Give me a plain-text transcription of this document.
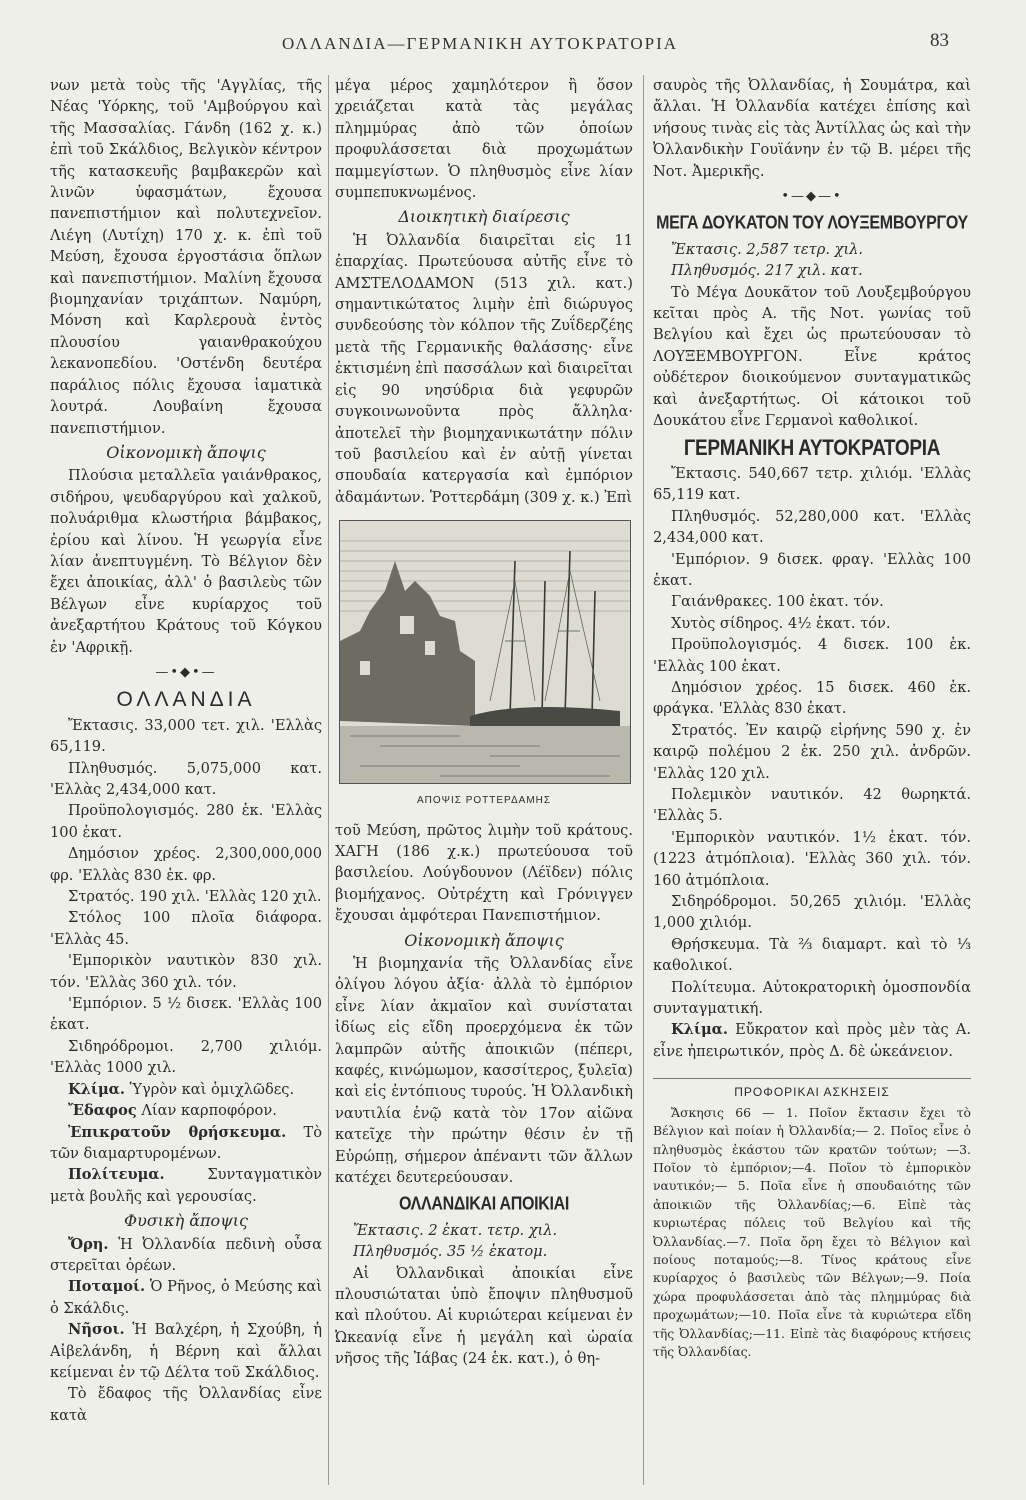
ΟΛΛΑΝΔΙΑ—ΓΕΡΜΑΝΙΚΗ ΑΥΤΟΚΡΑΤΟΡΙΑ	83

νων μετὰ τοὺς τῆς 'Αγγλίας, τῆς Νέας 'Υόρκης, τοῦ 'Αμβούργου καὶ τῆς Μασσαλίας. Γάνδη (162 χ. κ.) ἐπὶ τοῦ Σκάλδιος, Βελγικὸν κέντρον τῆς κατασκευῆς βαμβακερῶν καὶ λινῶν ὑφασμάτων, ἔχουσα πανεπιστήμιον καὶ πολυτεχνεῖον. Λιέγη (Λυτίχη) 170 χ. κ. ἐπὶ τοῦ Μεύση, ἔχουσα ἐργοστάσια ὅπλων καὶ πανεπιστήμιον. Μαλίνη ἔχουσα βιομηχανίαν τριχάπτων. Ναμύρη, Μόνση καὶ Καρλερουὰ ἐντὸς πλουσίου γαιανθρακούχου λεκανοπεδίου. 'Οστένδη δευτέρα παράλιος πόλις ἔχουσα ἰαματικὰ λουτρά. Λουβαίνη ἔχουσα πανεπιστήμιον.

Οἰκονομικὴ ἄποψις

Πλούσια μεταλλεῖα γαιάνθρακος, σιδήρου, ψευδαργύρου καὶ χαλκοῦ, πολυάριθμα κλωστήρια βάμβακος, ἐρίου καὶ λίνου. Ἡ γεωργία εἶνε λίαν ἀνεπτυγμένη. Τὸ Βέλγιον δὲν ἔχει ἀποικίας, ἀλλ' ὁ βασιλεὺς τῶν Βέλγων εἶνε κυρίαρχος τοῦ ἀνεξαρτήτου Κράτους τοῦ Κόγκου ἐν 'Αφρικῇ.

—•◆•—
ΟΛΛΑΝΔΙΑ

Ἔκτασις. 33,000 τετ. χιλ. 'Ελλὰς 65,119.

Πληθυσμός. 5,075,000 κατ. 'Ελλὰς 2,434,000 κατ.

Προϋπολογισμός. 280 ἑκ. 'Ελλὰς 100 ἑκατ.

Δημόσιον χρέος. 2,300,000,000 φρ. 'Ελλὰς 830 ἑκ. φρ.

Στρατός. 190 χιλ. 'Ελλὰς 120 χιλ.

Στόλος 100 πλοῖα διάφορα. 'Ελλὰς 45.

'Εμπορικὸν ναυτικὸν 830 χιλ. τόν. 'Ελλὰς 360 χιλ. τόν.

'Εμπόριον. 5 ½ δισεκ. 'Ελλὰς 100 ἑκατ.

Σιδηρόδρομοι. 2,700 χιλιόμ. 'Ελλὰς 1000 χιλ.

Κλίμα. Ὑγρὸν καὶ ὁμιχλῶδες.

Ἔδαφος Λίαν καρποφόρον.

Ἐπικρατοῦν θρήσκευμα. Τὸ τῶν διαμαρτυρομένων.

Πολίτευμα.	Συνταγματικὸν μετὰ βουλῆς καὶ γερουσίας.

Φυσικὴ ἄποψις

Ὄρη. Ἡ Ὀλλανδία πεδινὴ οὖσα στερεῖται ὀρέων.

Ποταμοί. Ὁ Ρῆνος, ὁ Μεύσης καὶ ὁ Σκάλδις.

Νῆσοι. Ἡ Βαλχέρη, ἡ Σχούβη, ἡ Αἰβελάνδη, ἡ Βέρνη καὶ ἄλλαι κείμεναι ἐν τῷ Δέλτα τοῦ Σκάλδιος.

Τὸ ἔδαφος τῆς Ὀλλανδίας εἶνε κατὰ

μέγα μέρος χαμηλότερον ἢ ὅσον χρειάζεται κατὰ τὰς μεγάλας πλημμύρας ἀπὸ τῶν ὁποίων προφυλάσσεται διὰ προχωμάτων παμμεγίστων. Ὁ πληθυσμὸς εἶνε λίαν συμπεπυκνωμένος.

Διοικητικὴ διαίρεσις

Ἡ Ὀλλανδία διαιρεῖται εἰς 11 ἐπαρχίας. Πρωτεύουσα αὐτῆς εἶνε τὸ ΑΜΣΤΕΛΟΔΑΜΟΝ (513 χιλ. κατ.) σημαντικώτατος λιμὴν ἐπὶ διώρυγος συνδεούσης τὸν κόλπον τῆς Ζυΐδερζέης μετὰ τῆς Γερμανικῆς θαλάσσης· εἶνε ἐκτισμένη ἐπὶ πασσάλων καὶ διαιρεῖται εἰς 90 νησύδρια διὰ γεφυρῶν συγκοινωνοῦντα πρὸς ἄλληλα· ἀποτελεῖ τὴν βιομηχανικωτάτην πόλιν τοῦ βασιλείου καὶ ἐν αὐτῇ γίνεται σπουδαία κατεργασία καὶ ἐμπόριον ἀδαμάντων. Ῥοττερδάμη (309 χ. κ.) Ἐπὶ

ΑΠΟΨΙΣ ΡΟΤΤΕΡΔΑΜΗΣ

τοῦ Μεύση, πρῶτος λιμὴν τοῦ κράτους. ΧΑΓΗ (186 χ.κ.) πρωτεύουσα τοῦ βασιλείου. Λούγδουνον (Λέϊδεν) πόλις βιομήχανος. Οὐτρέχτη καὶ Γρόνιγγεν ἔχουσαι ἀμφότεραι Πανεπιστήμιον.

Οἰκονομικὴ ἄποψις

Ἡ βιομηχανία τῆς Ὀλλανδίας εἶνε ὀλίγου λόγου ἀξία· ἀλλὰ τὸ ἐμπόριον εἶνε λίαν ἀκμαῖον καὶ συνίσταται ἰδίως εἰς εἴδη προερχόμενα ἐκ τῶν λαμπρῶν αὐτῆς ἀποικιῶν (πέπερι, καφές, κινώμωμον, κασσίτερος, ξυλεῖα) καὶ εἰς ἐντόπιους τυρούς. Ἡ Ὀλλανδικὴ ναυτιλία ἐνῷ κατὰ τὸν 17ον αἰῶνα κατεῖχε τὴν πρώτην θέσιν ἐν τῇ Εὐρώπῃ, σήμερον ἀπέναντι τῶν ἄλλων κατέχει δευτερεύουσαν.

ΟΛΛΑΝΔΙΚΑΙ ΑΠΟΙΚΙΑΙ

Ἔκτασις. 2 ἑκατ. τετρ. χιλ.

Πληθυσμός. 35 ½ ἑκατομ.

Αἱ Ὀλλανδικαὶ ἀποικίαι εἶνε πλουσιώταται ὑπὸ ἔποψιν πληθυσμοῦ καὶ πλούτου. Αἱ κυριώτεραι κείμεναι ἐν Ὠκεανίᾳ εἶνε ἡ μεγάλη καὶ ὡραία νῆσος τῆς Ἰάβας (24 ἑκ. κατ.), ὁ θη-

σαυρὸς τῆς Ὀλλανδίας, ἡ Σουμάτρα, καὶ ἄλλαι. Ἡ Ὀλλανδία κατέχει ἐπίσης καὶ νήσους τινὰς εἰς τὰς Ἀντίλλας ὡς καὶ τὴν Ὀλλανδικὴν Γουϊάνην ἐν τῷ Β. μέρει τῆς Νοτ. Ἀμερικῆς.

•—◆—•
ΜΕΓΑ ΔΟΥΚΑΤΟΝ ΤΟΥ ΛΟΥΞΕΜΒΟΥΡΓΟΥ

Ἔκτασις. 2,587 τετρ. χιλ.

Πληθυσμός. 217 χιλ. κατ.

Τὸ Μέγα Δουκᾶτον τοῦ Λουξεμβούργου κεῖται πρὸς Α. τῆς Νοτ. γωνίας τοῦ Βελγίου καὶ ἔχει ὡς πρωτεύουσαν τὸ ΛΟΥΞΕΜΒΟΥΡΓΟΝ. Εἶνε κράτος οὐδέτερον διοικούμενον συνταγματικῶς καὶ ἀνεξαρτήτως. Οἱ κάτοικοι τοῦ Δουκάτου εἶνε Γερμανοὶ καθολικοί.

ΓΕΡΜΑΝΙΚΗ ΑΥΤΟΚΡΑΤΟΡΙΑ

Ἔκτασις. 540,667 τετρ. χιλιόμ. 'Ελλὰς 65,119 κατ.

Πληθυσμός. 52,280,000 κατ. 'Ελλὰς 2,434,000 κατ.

'Εμπόριον. 9 δισεκ. φραγ. 'Ελλὰς 100 ἑκατ.

Γαιάνθρακες. 100 ἑκατ. τόν.

Χυτὸς σίδηρος. 4½ ἑκατ. τόν.

Προϋπολογισμός. 4 δισεκ. 100 ἑκ. 'Ελλὰς 100 ἑκατ.

Δημόσιον χρέος. 15 δισεκ. 460 ἑκ. φράγκα. 'Ελλὰς 830 ἑκατ.

Στρατός. Ἐν καιρῷ εἰρήνης 590 χ. ἐν καιρῷ πολέμου 2 ἑκ. 250 χιλ. ἀνδρῶν. 'Ελλὰς 120 χιλ.

Πολεμικὸν ναυτικόν. 42 θωρηκτά. 'Ελλὰς 5.

'Εμπορικὸν ναυτικόν. 1½ ἑκατ. τόν. (1223 ἀτμόπλοια). 'Ελλὰς 360 χιλ. τόν. 160 ἀτμόπλοια.

Σιδηρόδρομοι. 50,265 χιλιόμ. 'Ελλὰς 1,000 χιλιόμ.

Θρήσκευμα. Τὰ ⅔ διαμαρτ. καὶ τὸ ⅓ καθολικοί.

Πολίτευμα. Αὐτοκρατορικὴ ὁμοσπονδία συνταγματική.

Κλίμα. Εὔκρατον καὶ πρὸς μὲν τὰς Α. εἶνε ἠπειρωτικόν, πρὸς Δ. δὲ ὠκεάνειον.

ΠΡΟΦΟΡΙΚΑΙ ΑΣΚΗΣΕΙΣ

Ἄσκησις 66 — 1. Ποῖον ἔκτασιν ἔχει τὸ Βέλγιον καὶ ποίαν ἡ Ὀλλανδία;— 2. Ποῖος εἶνε ὁ πληθυσμὸς ἑκάστου τῶν κρατῶν τούτων; —3. Ποῖον τὸ ἐμπόριον;—4. Ποῖον τὸ ἐμπορικὸν ναυτικόν;— 5. Ποῖα εἶνε ἡ σπουδαιότης τῶν ἀποικιῶν τῆς Ὀλλανδίας;—6. Εἰπὲ τὰς κυριωτέρας πόλεις τοῦ Βελγίου καὶ τῆς Ὀλλανδίας.—7. Ποῖα ὄρη ἔχει τὸ Βέλγιον καὶ ποίους ποταμούς;—8. Τίνος κράτους εἶνε κυρίαρχος ὁ βασιλεὺς τῶν Βέλγων;—9. Ποία χώρα προφυλάσσεται ἀπὸ τὰς πλημμύρας διὰ προχωμάτων;—10. Ποῖα εἶνε τὰ κυριώτερα εἴδη τῆς Ὀλλανδίας;—11. Εἰπὲ τὰς διαφόρους κτήσεις τῆς Ὀλλανδίας.
